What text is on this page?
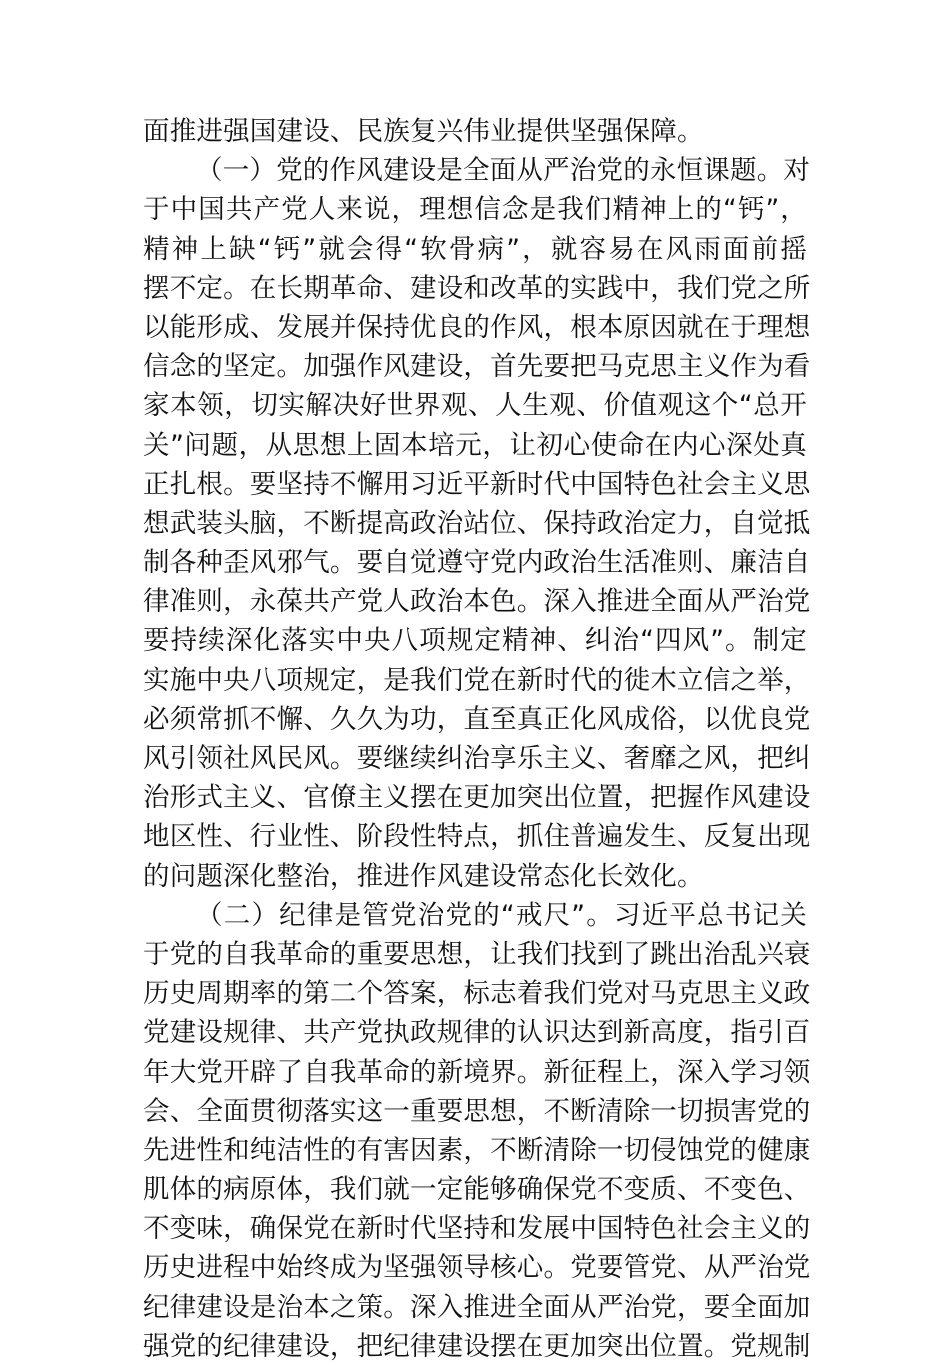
面推进强国建设、民族复兴伟业提供坚强保障。
（一）党的作风建设是全面从严治党的永恒课题。对
于中国共产党人来说，理想信念是我们精神上的“钙”，
精神上缺“钙”就会得“软骨病”，就容易在风雨面前摇
摆不定。在长期革命、建设和改革的实践中，我们党之所
以能形成、发展并保持优良的作风，根本原因就在于理想
信念的坚定。加强作风建设，首先要把马克思主义作为看
家本领，切实解决好世界观、人生观、价值观这个“总开
关”问题，从思想上固本培元，让初心使命在内心深处真
正扎根。要坚持不懈用习近平新时代中国特色社会主义思
想武装头脑，不断提高政治站位、保持政治定力，自觉抵
制各种歪风邪气。要自觉遵守党内政治生活准则、廉洁自
律准则，永葆共产党人政治本色。深入推进全面从严治党
要持续深化落实中央八项规定精神、纠治“四风”。制定
实施中央八项规定，是我们党在新时代的徙木立信之举，
必须常抓不懈、久久为功，直至真正化风成俗，以优良党
风引领社风民风。要继续纠治享乐主义、奢靡之风，把纠
治形式主义、官僚主义摆在更加突出位置，把握作风建设
地区性、行业性、阶段性特点，抓住普遍发生、反复出现
的问题深化整治，推进作风建设常态化长效化。
（二）纪律是管党治党的“戒尺”。习近平总书记关
于党的自我革命的重要思想，让我们找到了跳出治乱兴衰
历史周期率的第二个答案，标志着我们党对马克思主义政
党建设规律、共产党执政规律的认识达到新高度，指引百
年大党开辟了自我革命的新境界。新征程上，深入学习领
会、全面贯彻落实这一重要思想，不断清除一切损害党的
先进性和纯洁性的有害因素，不断清除一切侵蚀党的健康
肌体的病原体，我们就一定能够确保党不变质、不变色、
不变味，确保党在新时代坚持和发展中国特色社会主义的
历史进程中始终成为坚强领导核心。党要管党、从严治党
纪律建设是治本之策。深入推进全面从严治党，要全面加
强党的纪律建设，把纪律建设摆在更加突出位置。党规制
